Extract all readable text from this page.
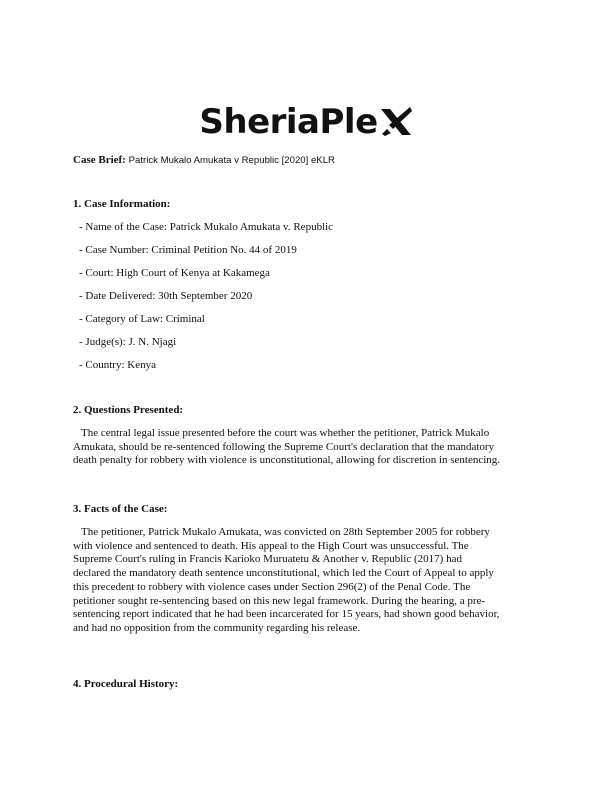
SheriaPle
Case Brief: Patrick Mukalo Amukata v Republic [2020] eKLR
1. Case Information:
- Name of the Case: Patrick Mukalo Amukata v. Republic
- Case Number: Criminal Petition No. 44 of 2019
- Court: High Court of Kenya at Kakamega
- Date Delivered: 30th September 2020
- Category of Law: Criminal
- Judge(s): J. N. Njagi
- Country: Kenya
2. Questions Presented:
The central legal issue presented before the court was whether the petitioner, Patrick Mukalo
Amukata, should be re-sentenced following the Supreme Court's declaration that the mandatory
death penalty for robbery with violence is unconstitutional, allowing for discretion in sentencing.
3. Facts of the Case:
The petitioner, Patrick Mukalo Amukata, was convicted on 28th September 2005 for robbery
with violence and sentenced to death. His appeal to the High Court was unsuccessful. The
Supreme Court's ruling in Francis Karioko Muruatetu & Another v. Republic (2017) had
declared the mandatory death sentence unconstitutional, which led the Court of Appeal to apply
this precedent to robbery with violence cases under Section 296(2) of the Penal Code. The
petitioner sought re-sentencing based on this new legal framework. During the hearing, a pre-
sentencing report indicated that he had been incarcerated for 15 years, had shown good behavior,
and had no opposition from the community regarding his release.
4. Procedural History:
